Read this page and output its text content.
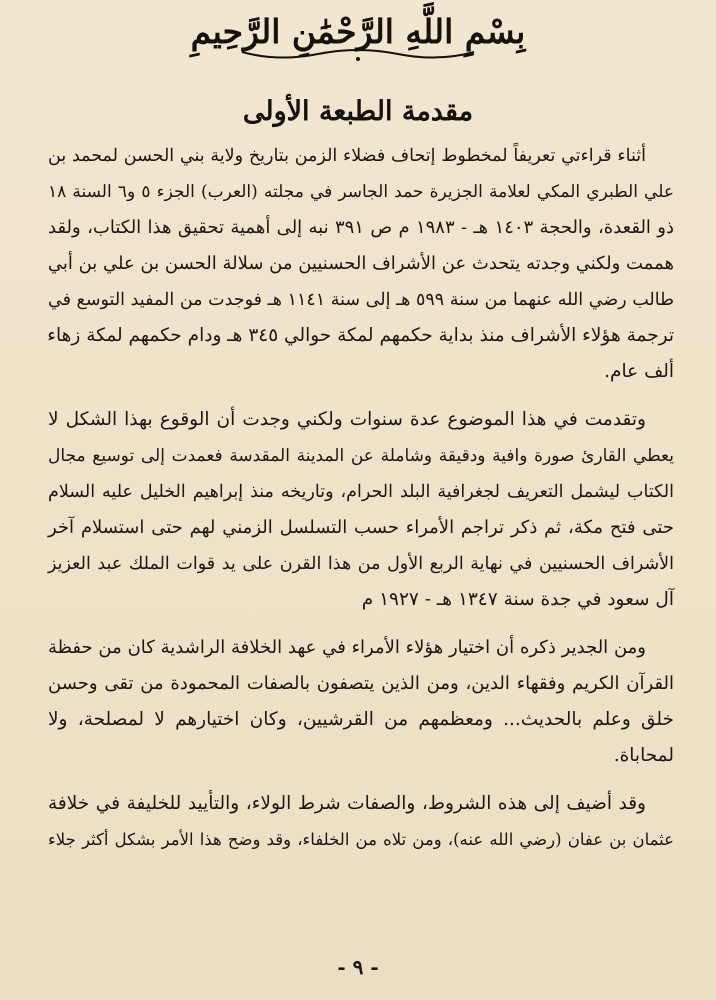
بِسْمِ اللَّهِ الرَّحْمَٰنِ الرَّحِيمِ
مقدمة الطبعة الأولى
أثناء قراءتي تعريفاً لمخطوط إتحاف فضلاء الزمن بتاريخ ولاية بني الحسن لمحمد بن
علي الطبري المكي لعلامة الجزيرة حمد الجاسر في مجلته (العرب) الجزء ٥ و٦ السنة ١٨
ذو القعدة، والحجة ١٤٠٣ هـ - ١٩٨٣ م ص ٣٩١ نبه إلى أهمية تحقيق هذا الكتاب، ولقد
هممت ولكني وجدته يتحدث عن الأشراف الحسنيين من سلالة الحسن بن علي بن أبي
طالب رضي الله عنهما من سنة ٥٩٩ هـ إلى سنة ١١٤١ هـ فوجدت من المفيد التوسع في
ترجمة هؤلاء الأشراف منذ بداية حكمهم لمكة حوالي ٣٤٥ هـ ودام حكمهم لمكة زهاء
ألف عام.
وتقدمت في هذا الموضوع عدة سنوات ولكني وجدت أن الوقوع بهذا الشكل لا
يعطي القارئ صورة وافية ودقيقة وشاملة عن المدينة المقدسة فعمدت إلى توسيع مجال
الكتاب ليشمل التعريف لجغرافية البلد الحرام، وتاريخه منذ إبراهيم الخليل عليه السلام
حتى فتح مكة، ثم ذكر تراجم الأمراء حسب التسلسل الزمني لهم حتى استسلام آخر
الأشراف الحسنيين في نهاية الربع الأول من هذا القرن على يد قوات الملك عبد العزيز
آل سعود في جدة سنة ١٣٤٧ هـ - ١٩٢٧ م
ومن الجدير ذكره أن اختيار هؤلاء الأمراء في عهد الخلافة الراشدية كان من حفظة
القرآن الكريم وفقهاء الدين، ومن الذين يتصفون بالصفات المحمودة من تقى وحسن
خلق وعلم بالحديث... ومعظمهم من القرشيين، وكان اختيارهم لا لمصلحة، ولا
لمحاباة.
وقد أضيف إلى هذه الشروط، والصفات شرط الولاء، والتأييد للخليفة في خلافة
عثمان بن عفان (رضي الله عنه)، ومن تلاه من الخلفاء، وقد وضح هذا الأمر بشكل أكثر جلاء
- ٩ -
